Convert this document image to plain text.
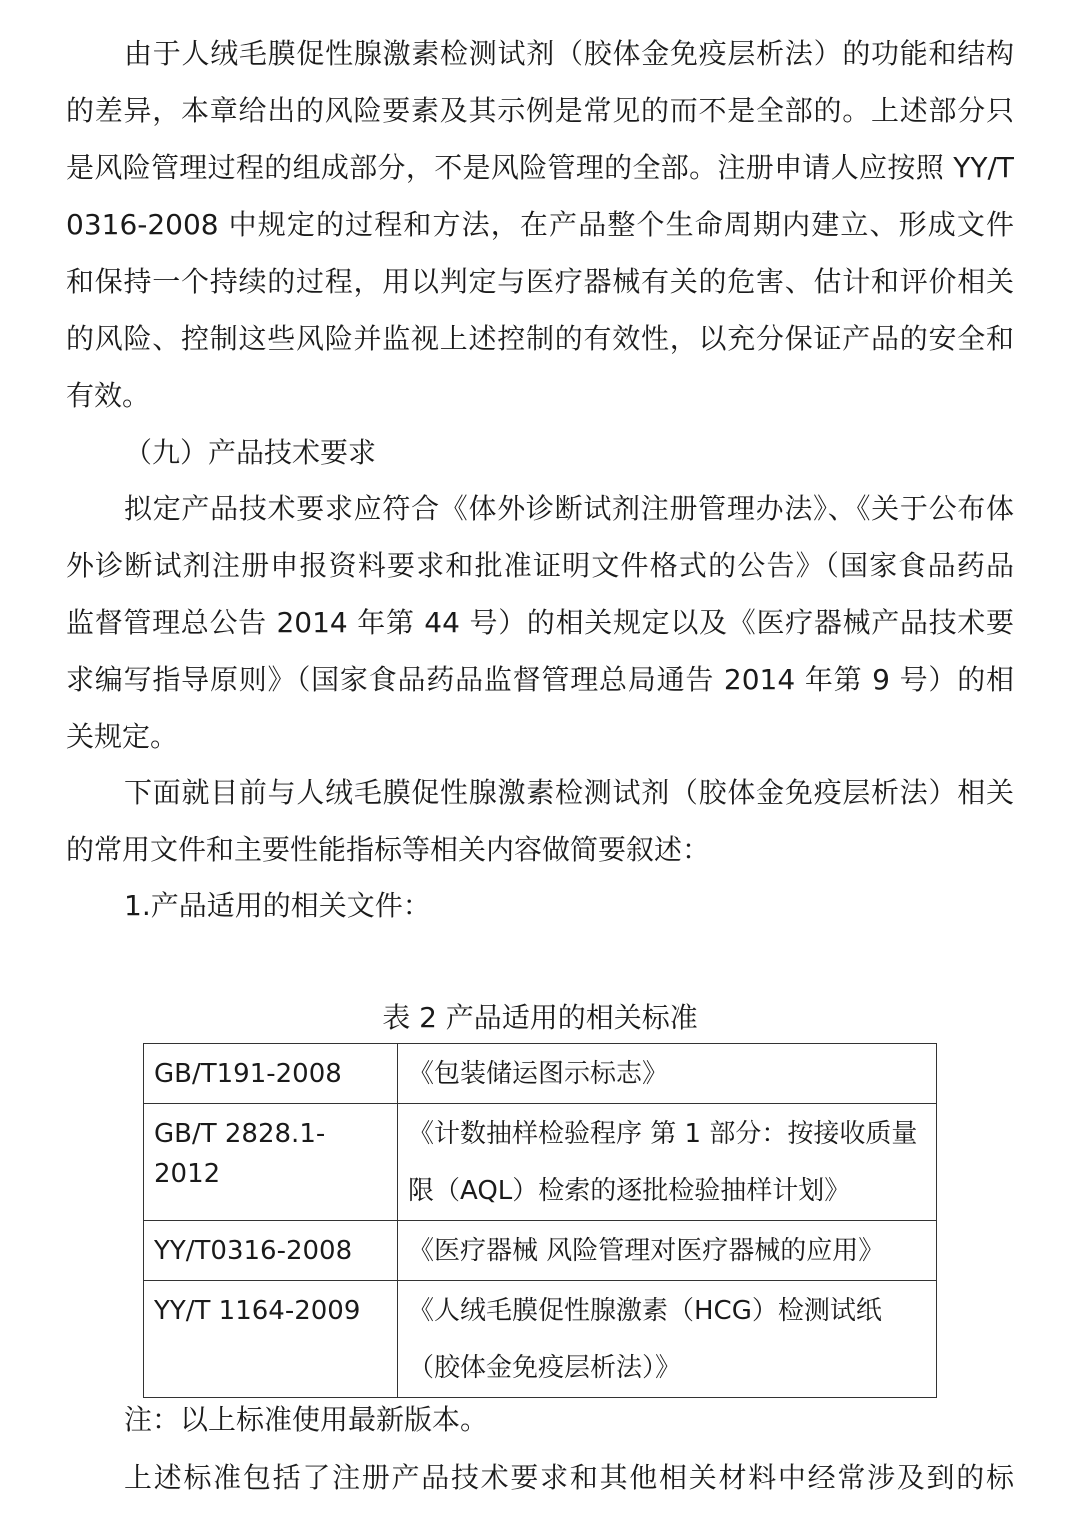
由于人绒毛膜促性腺激素检测试剂（胶体金免疫层析法）的功能和结构
的差异，本章给出的风险要素及其示例是常见的而不是全部的。上述部分只
是风险管理过程的组成部分，不是风险管理的全部。注册申请人应按照 YY/T
0316-2008 中规定的过程和方法，在产品整个生命周期内建立、形成文件
和保持一个持续的过程，用以判定与医疗器械有关的危害、估计和评价相关
的风险、控制这些风险并监视上述控制的有效性，以充分保证产品的安全和
有效。
（九）产品技术要求
拟定产品技术要求应符合《体外诊断试剂注册管理办法》、《关于公布体
外诊断试剂注册申报资料要求和批准证明文件格式的公告》（国家食品药品
监督管理总公告 2014 年第 44 号）的相关规定以及《医疗器械产品技术要
求编写指导原则》（国家食品药品监督管理总局通告 2014 年第 9 号）的相
关规定。
下面就目前与人绒毛膜促性腺激素检测试剂（胶体金免疫层析法）相关
的常用文件和主要性能指标等相关内容做简要叙述：
1.产品适用的相关文件：
表 2 产品适用的相关标准
GB/T191-2008	《包装储运图示标志》

GB/T 2828.1-2012	《计数抽样检验程序 第 1 部分：按接收质量限（AQL）检索的逐批检验抽样计划》

YY/T0316-2008	《医疗器械 风险管理对医疗器械的应用》

YY/T 1164-2009	《人绒毛膜促性腺激素（HCG）检测试纸（胶体金免疫层析法）》
注：以上标准使用最新版本。
上述标准包括了注册产品技术要求和其他相关材料中经常涉及到的标
